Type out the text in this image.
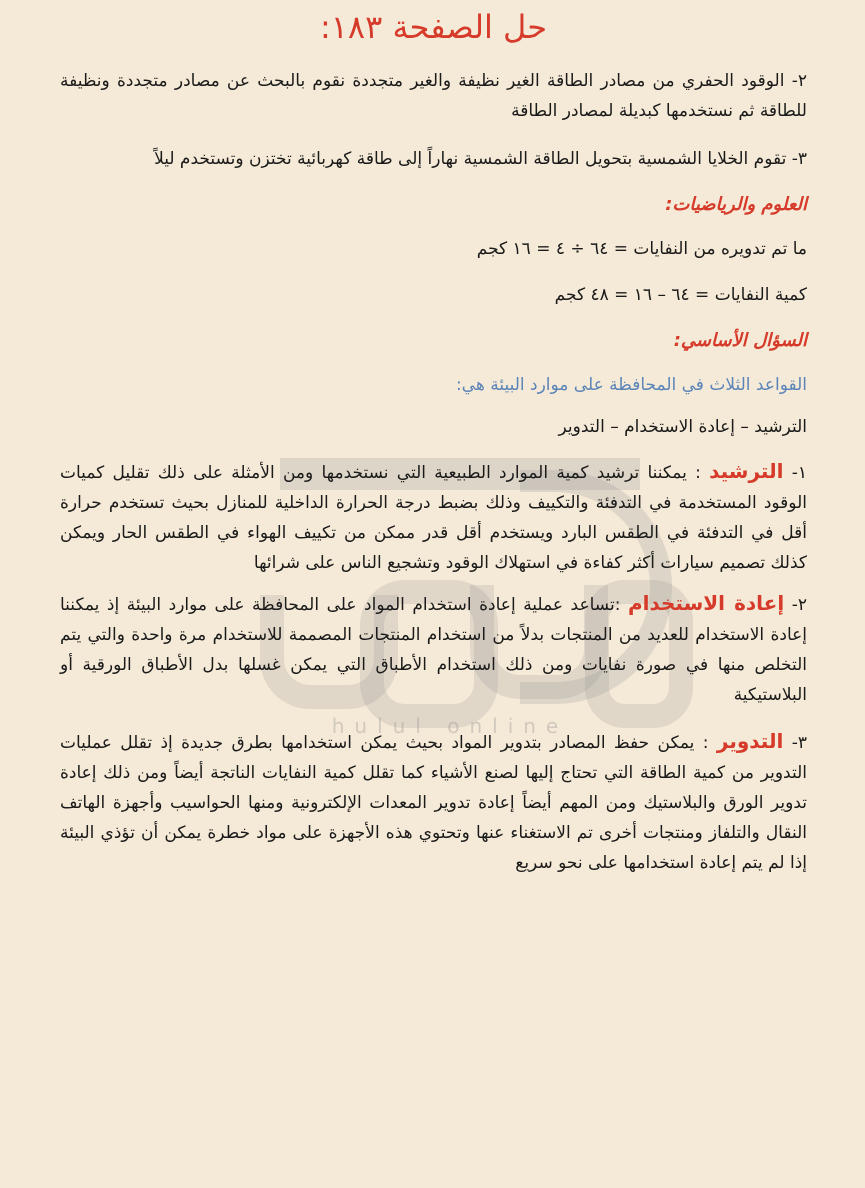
hulul online
حل الصفحة ١٨٣:
٢- الوقود الحفري من مصادر الطاقة الغير نظيفة والغير متجددة نقوم بالبحث عن مصادر متجددة ونظيفة للطاقة ثم نستخدمها كبديلة لمصادر الطاقة
٣- تقوم الخلايا الشمسية بتحويل الطاقة الشمسية نهاراً إلى طاقة كهربائية تختزن وتستخدم ليلاً
العلوم والرياضيات:
ما تم تدويره من النفايات = ٦٤ ÷ ٤ = ١٦ كجم
كمية النفايات = ٦٤ – ١٦ = ٤٨ كجم
السؤال الأساسي:
القواعد الثلاث في المحافظة على موارد البيئة هي:
الترشيد – إعادة الاستخدام – التدوير
١- الترشيد : يمكننا ترشيد كمية الموارد الطبيعية التي نستخدمها ومن الأمثلة على ذلك تقليل كميات الوقود المستخدمة في التدفئة والتكييف وذلك بضبط درجة الحرارة الداخلية للمنازل بحيث تستخدم حرارة أقل في التدفئة في الطقس البارد ويستخدم أقل قدر ممكن من تكييف الهواء في الطقس الحار ويمكن كذلك تصميم سيارات أكثر كفاءة في استهلاك الوقود وتشجيع الناس على شرائها
٢- إعادة الاستخدام :تساعد عملية إعادة استخدام المواد على المحافظة على موارد البيئة إذ يمكننا إعادة الاستخدام للعديد من المنتجات بدلاً من استخدام المنتجات المصممة للاستخدام مرة واحدة والتي يتم التخلص منها في صورة نفايات ومن ذلك استخدام الأطباق التي يمكن غسلها بدل الأطباق الورقية أو البلاستيكية
٣- التدوير : يمكن حفظ المصادر بتدوير المواد بحيث يمكن استخدامها بطرق جديدة إذ تقلل عمليات التدوير من كمية الطاقة التي تحتاج إليها لصنع الأشياء كما تقلل كمية النفايات الناتجة أيضاً ومن ذلك إعادة تدوير الورق والبلاستيك ومن المهم أيضاً إعادة تدوير المعدات الإلكترونية ومنها الحواسيب وأجهزة الهاتف النقال والتلفاز ومنتجات أخرى تم الاستغناء عنها وتحتوي هذه الأجهزة على مواد خطرة يمكن أن تؤذي البيئة إذا لم يتم إعادة استخدامها على نحو سريع
